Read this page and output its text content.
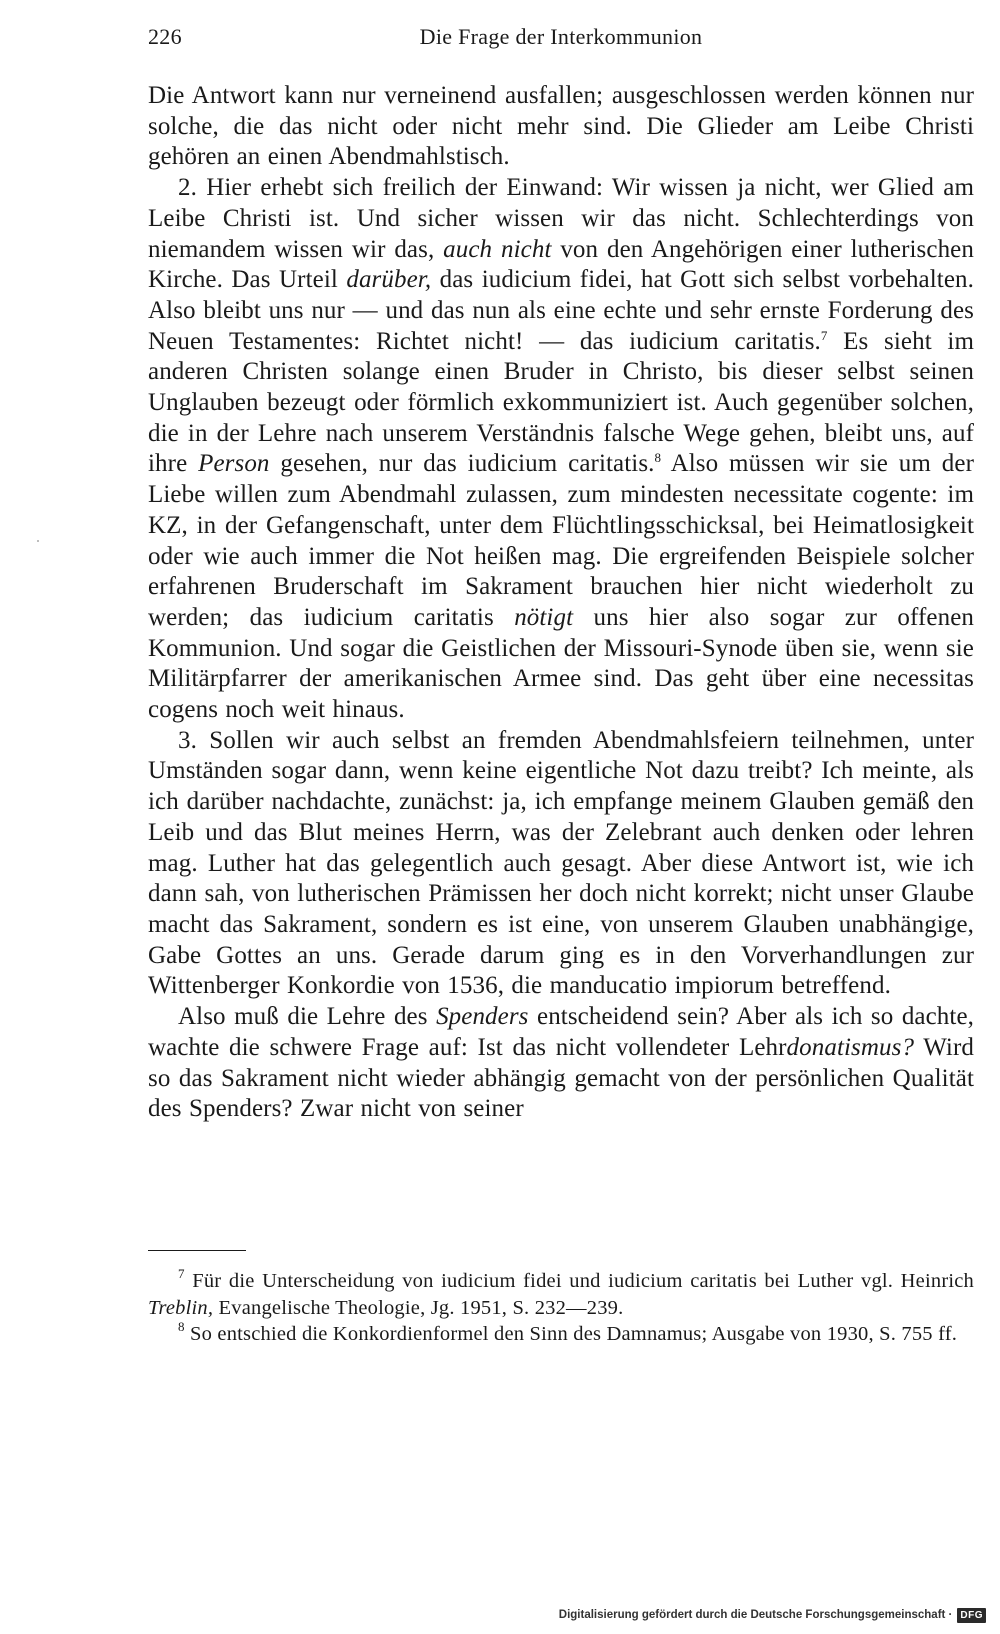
226	Die Frage der Interkommunion

Die Antwort kann nur verneinend ausfallen; ausgeschlossen werden können nur solche, die das nicht oder nicht mehr sind. Die Glieder am Leibe Christi gehören an einen Abendmahlstisch.

2. Hier erhebt sich freilich der Einwand: Wir wissen ja nicht, wer Glied am Leibe Christi ist. Und sicher wissen wir das nicht. Schlechterdings von niemandem wissen wir das, auch nicht von den Angehörigen einer lutherischen Kirche. Das Urteil darüber, das iudicium fidei, hat Gott sich selbst vorbehalten. Also bleibt uns nur — und das nun als eine echte und sehr ernste Forderung des Neuen Testamentes: Richtet nicht! — das iudicium caritatis.$^7$ Es sieht im anderen Christen solange einen Bruder in Christo, bis dieser selbst seinen Unglauben bezeugt oder förmlich exkommuniziert ist. Auch gegenüber solchen, die in der Lehre nach unserem Verständnis falsche Wege gehen, bleibt uns, auf ihre Person gesehen, nur das iudicium caritatis.$^8$ Also müssen wir sie um der Liebe willen zum Abendmahl zulassen, zum mindesten necessitate cogente: im KZ, in der Gefangenschaft, unter dem Flüchtlingsschicksal, bei Heimatlosigkeit oder wie auch immer die Not heißen mag. Die ergreifenden Beispiele solcher erfahrenen Bruderschaft im Sakrament brauchen hier nicht wiederholt zu werden; das iudicium caritatis nötigt uns hier also sogar zur offenen Kommunion. Und sogar die Geistlichen der Missouri-Synode üben sie, wenn sie Militärpfarrer der amerikanischen Armee sind. Das geht über eine necessitas cogens noch weit hinaus.

3. Sollen wir auch selbst an fremden Abendmahlsfeiern teilnehmen, unter Umständen sogar dann, wenn keine eigentliche Not dazu treibt? Ich meinte, als ich darüber nachdachte, zunächst: ja, ich empfange meinem Glauben gemäß den Leib und das Blut meines Herrn, was der Zelebrant auch denken oder lehren mag. Luther hat das gelegentlich auch gesagt. Aber diese Antwort ist, wie ich dann sah, von lutherischen Prämissen her doch nicht korrekt; nicht unser Glaube macht das Sakrament, sondern es ist eine, von unserem Glauben unabhängige, Gabe Gottes an uns. Gerade darum ging es in den Vorverhandlungen zur Wittenberger Konkordie von 1536, die manducatio impiorum betreffend.

Also muß die Lehre des Spenders entscheidend sein? Aber als ich so dachte, wachte die schwere Frage auf: Ist das nicht vollendeter Lehrdonatismus? Wird so das Sakrament nicht wieder abhängig gemacht von der persönlichen Qualität des Spenders? Zwar nicht von seiner

$^7$ Für die Unterscheidung von iudicium fidei und iudicium caritatis bei Luther vgl. Heinrich Treblin, Evangelische Theologie, Jg. 1951, S. 232—239.

$^8$ So entschied die Konkordienformel den Sinn des Damnamus; Ausgabe von 1930, S. 755 ff.

Digitalisierung gefördert durch die Deutsche Forschungsgemeinschaft · DFG
